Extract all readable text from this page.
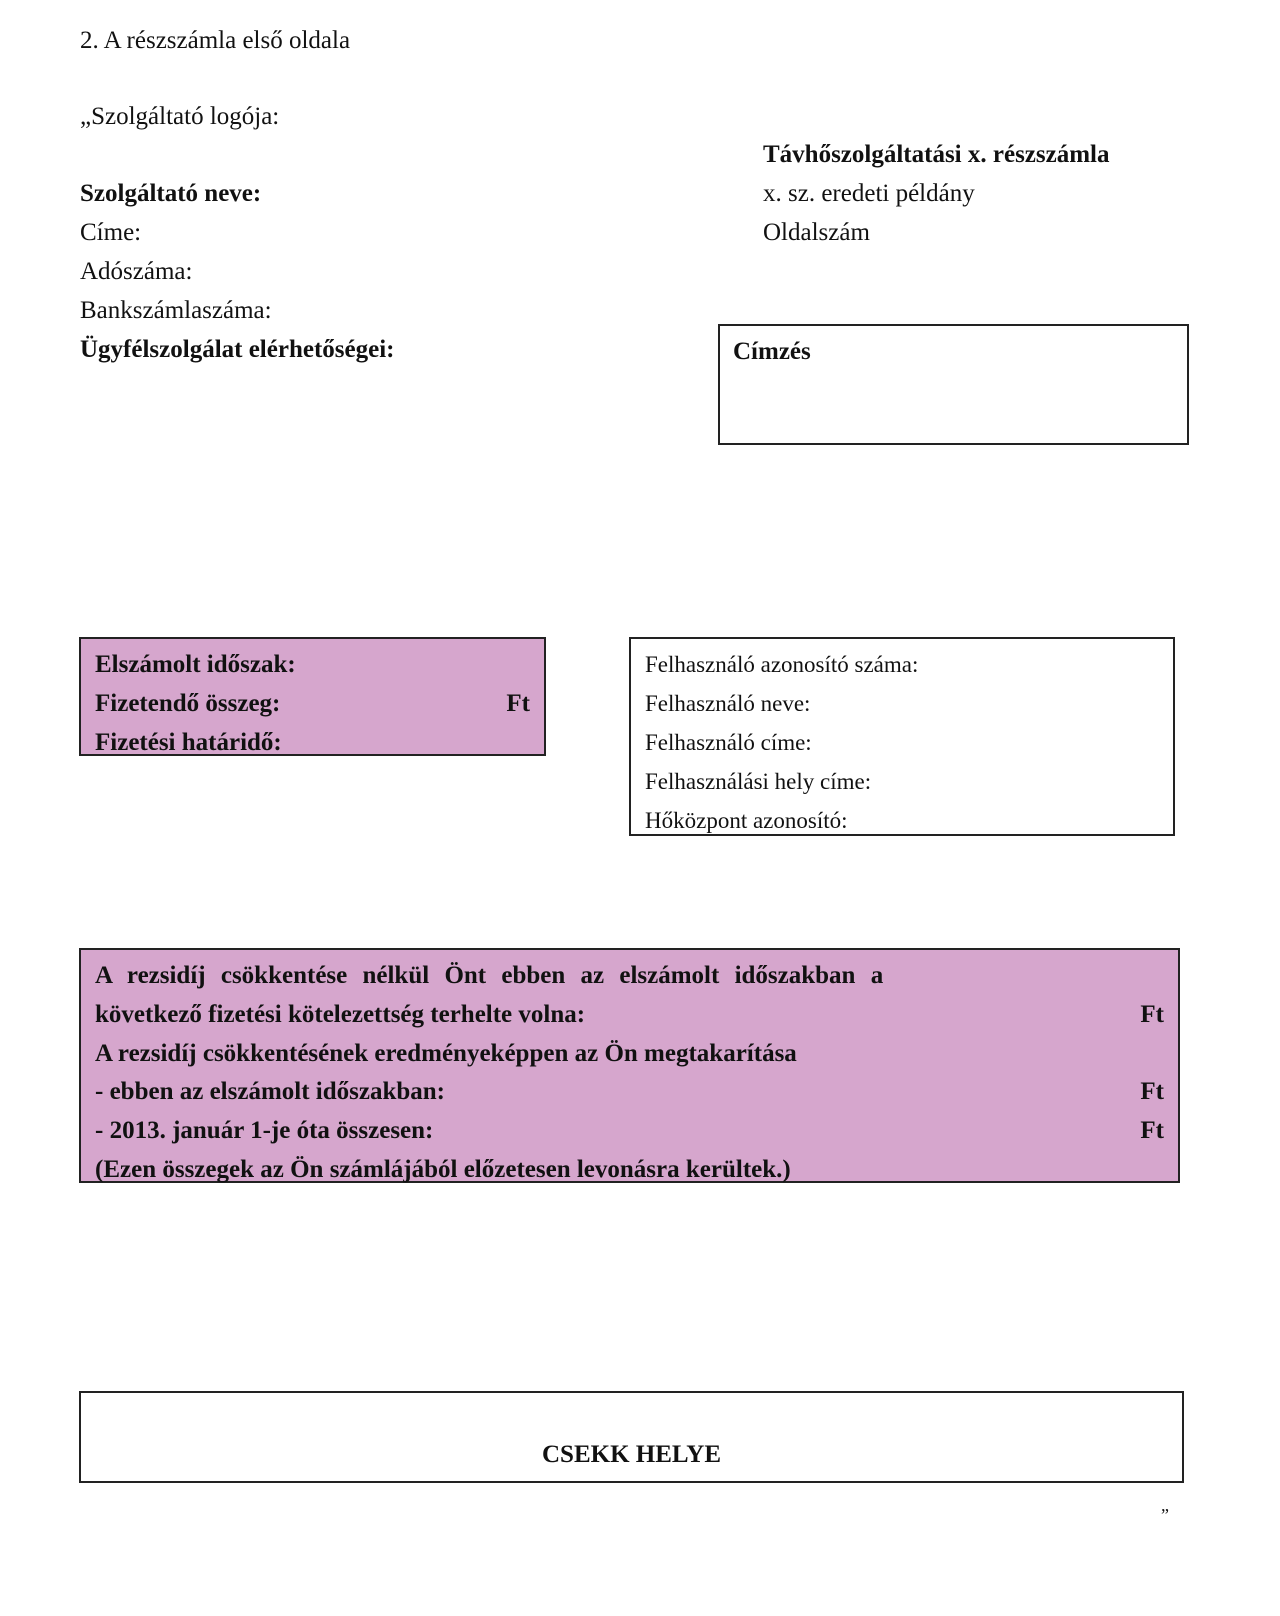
2. A részszámla első oldala
„Szolgáltató logója:
Szolgáltató neve:
Címe:
Adószáma:
Bankszámlaszáma:
Ügyfélszolgálat elérhetőségei:
Távhőszolgáltatási x. részszámla
x. sz. eredeti példány
Oldalszám
Címzés
Elszámolt időszak:
Fizetendő összeg:	Ft
Fizetési határidő:
Felhasználó azonosító száma:
Felhasználó neve:
Felhasználó címe:
Felhasználási hely címe:
Hőközpont azonosító:
A rezsidíj csökkentése nélkül Önt ebben az elszámolt időszakban a
következő fizetési kötelezettség terhelte volna:	Ft
A rezsidíj csökkentésének eredményeképpen az Ön megtakarítása
- ebben az elszámolt időszakban:	Ft
- 2013. január 1-je óta összesen:	Ft
(Ezen összegek az Ön számlájából előzetesen levonásra kerültek.)
CSEKK HELYE
”
